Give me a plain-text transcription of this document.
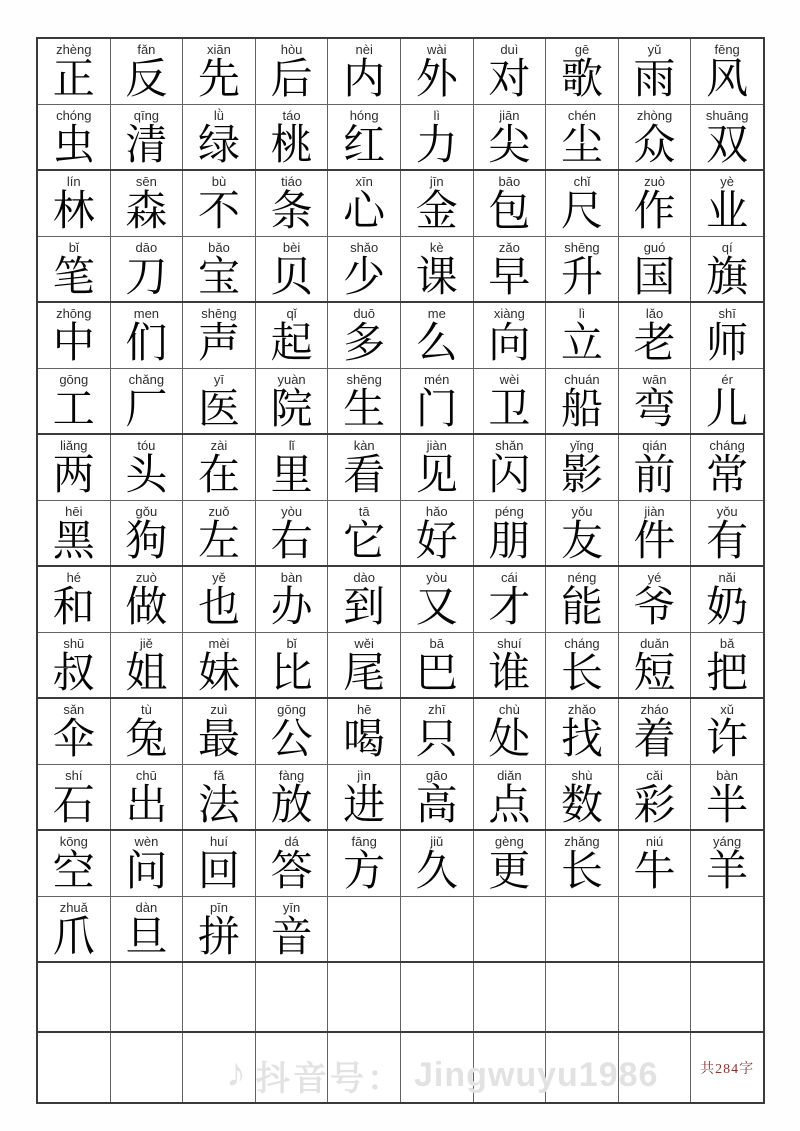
zhèng
正
fǎn
反
xiān
先
hòu
后
nèi
内
wài
外
duì
对
gē
歌
yǔ
雨
fēng
风
chóng
虫
qīng
清
lǜ
绿
táo
桃
hóng
红
lì
力
jiān
尖
chén
尘
zhòng
众
shuāng
双
lín
林
sēn
森
bù
不
tiáo
条
xīn
心
jīn
金
bāo
包
chǐ
尺
zuò
作
yè
业
bǐ
笔
dāo
刀
bǎo
宝
bèi
贝
shǎo
少
kè
课
zǎo
早
shēng
升
guó
国
qí
旗
zhōng
中
men
们
shēng
声
qǐ
起
duō
多
me
么
xiàng
向
lì
立
lǎo
老
shī
师
gōng
工
chǎng
厂
yī
医
yuàn
院
shēng
生
mén
门
wèi
卫
chuán
船
wān
弯
ér
儿
liǎng
两
tóu
头
zài
在
lǐ
里
kàn
看
jiàn
见
shǎn
闪
yǐng
影
qián
前
cháng
常
hēi
黑
gǒu
狗
zuǒ
左
yòu
右
tā
它
hǎo
好
péng
朋
yǒu
友
jiàn
件
yǒu
有
hé
和
zuò
做
yě
也
bàn
办
dào
到
yòu
又
cái
才
néng
能
yé
爷
nǎi
奶
shū
叔
jiě
姐
mèi
妹
bǐ
比
wěi
尾
bā
巴
shuí
谁
cháng
长
duǎn
短
bǎ
把
sǎn
伞
tù
兔
zuì
最
gōng
公
hē
喝
zhī
只
chù
处
zhǎo
找
zháo
着
xǔ
许
shí
石
chū
出
fǎ
法
fàng
放
jìn
进
gāo
高
diǎn
点
shù
数
cǎi
彩
bàn
半
kōng
空
wèn
问
huí
回
dá
答
fāng
方
jiǔ
久
gèng
更
zhǎng
长
niú
牛
yáng
羊
zhuǎ
爪
dàn
旦
pīn
拼
yīn
音
共284字
♪ 抖音号： Jingwuyu1986
